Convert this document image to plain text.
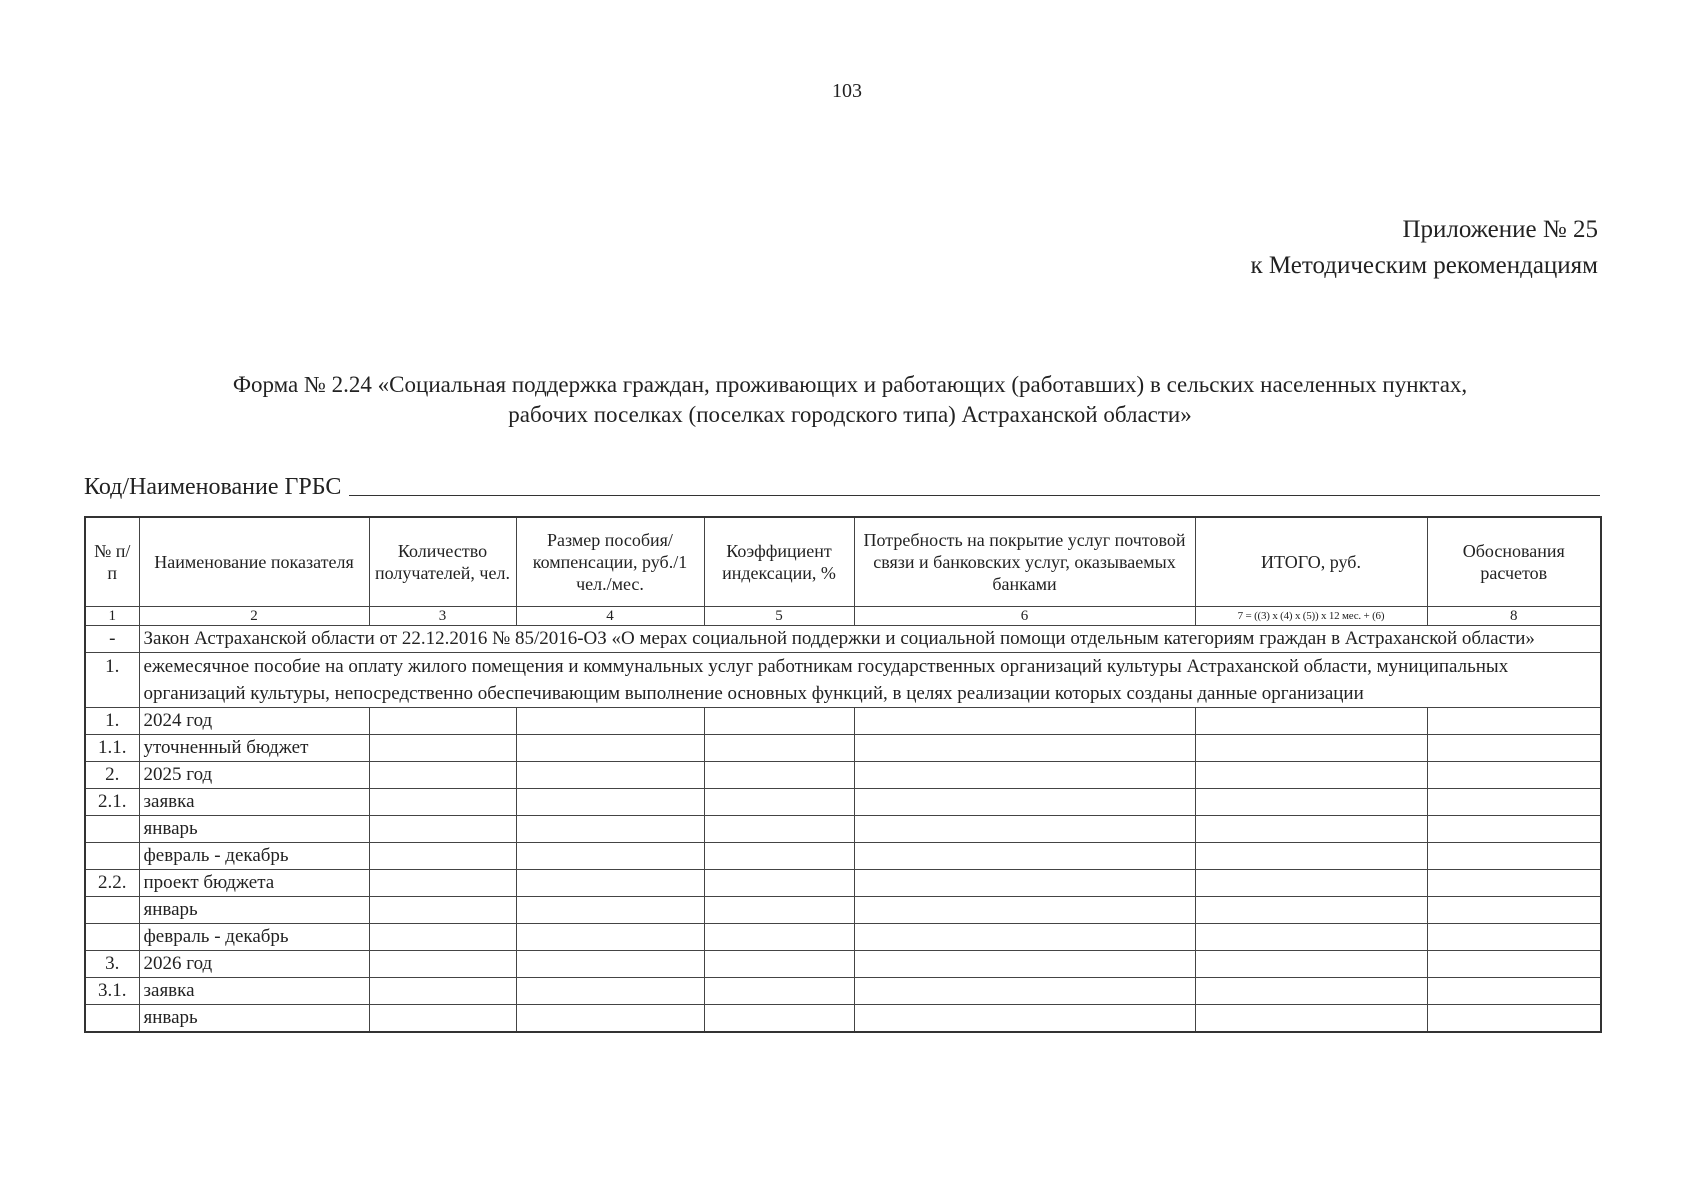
103
Приложение № 25
к Методическим рекомендациям
Форма № 2.24 «Социальная поддержка граждан, проживающих и работающих (работавших) в сельских населенных пунктах,
рабочих поселках (поселках городского типа) Астраханской области»
Код/Наименование ГРБС
№ п/п	Наименование показателя	Количество получателей, чел.	Размер пособия/компенсации, руб./1 чел./мес.	Коэффициент индексации, %	Потребность на покрытие услуг почтовой связи и банковских услуг, оказываемых банками	ИТОГО, руб.	Обоснования расчетов
1	2	3	4	5	6	7 = ((3) x (4) x (5)) x 12 мес. + (6)	8
-	Закон Астраханской области от 22.12.2016 № 85/2016-ОЗ «О мерах социальной поддержки и социальной помощи отдельным категориям граждан в Астраханской области»						
1.	ежемесячное пособие на оплату жилого помещения и коммунальных услуг работникам государственных организаций культуры Астраханской области, муниципальных организаций культуры, непосредственно обеспечивающим выполнение основных функций, в целях реализации которых созданы данные организации						
1.	2024 год						
1.1.	уточненный бюджет						
2.	2025 год						
2.1.	заявка						
	январь						
	февраль - декабрь						
2.2.	проект бюджета						
	январь						
	февраль - декабрь						
3.	2026 год						
3.1.	заявка						
	январь						
